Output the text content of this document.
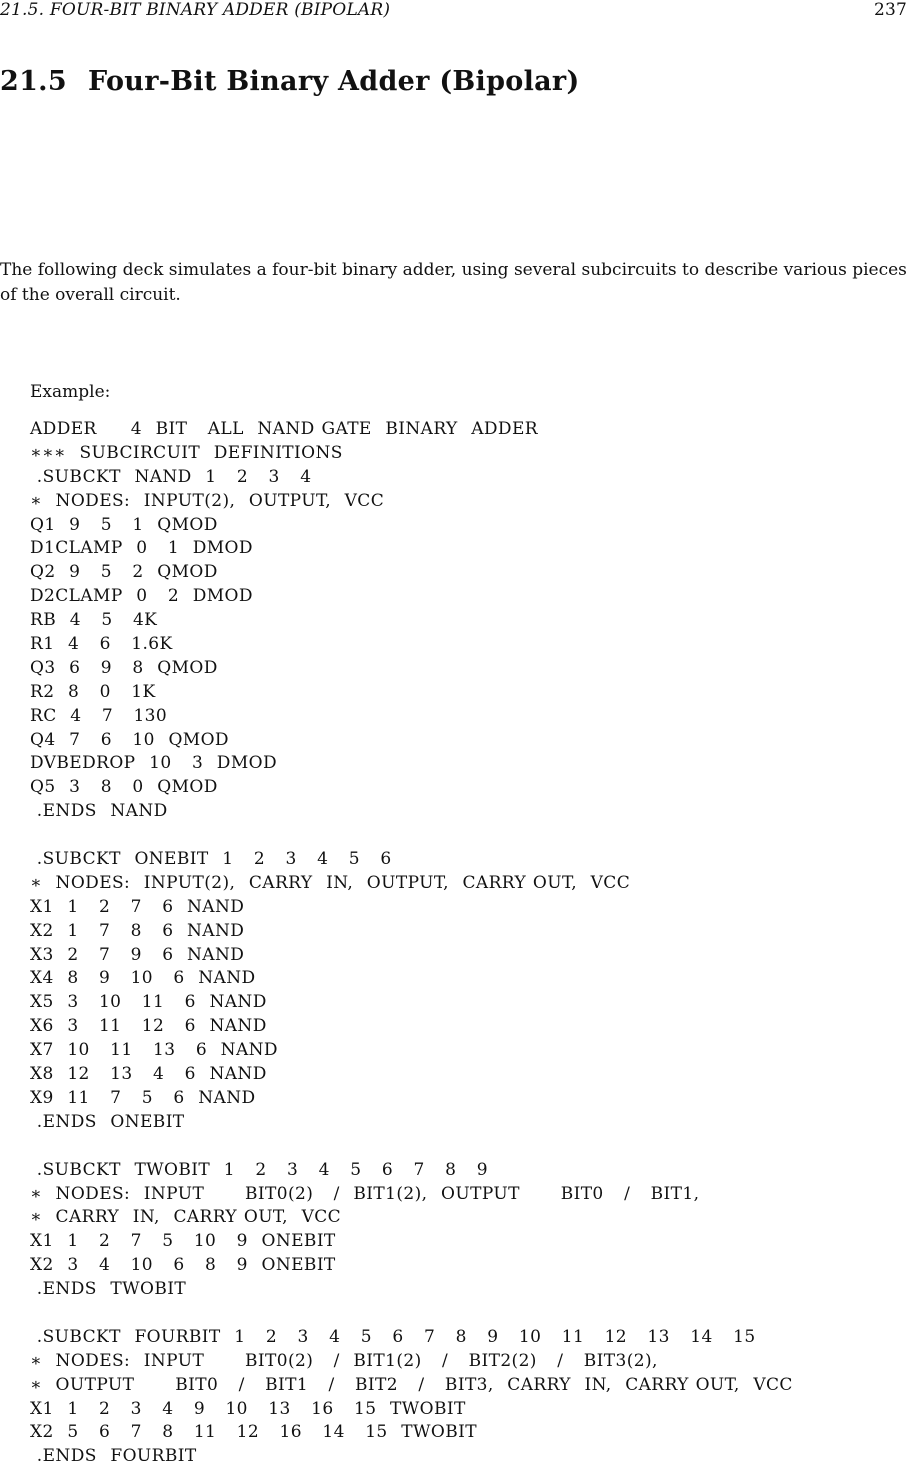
21.5. FOUR-BIT BINARY ADDER (BIPOLAR)	237
21.5 Four-Bit Binary Adder (Bipolar)

The following deck simulates a four-bit binary adder, using several subcircuits to describe various pieces of the overall circuit.

Example:
ADDER     4  BIT   ALL  NAND GATE  BINARY  ADDER
∗∗∗  SUBCIRCUIT  DEFINITIONS
.SUBCKT  NAND  1   2   3   4
∗  NODES:  INPUT(2),  OUTPUT,  VCC
Q1  9   5   1  QMOD
D1CLAMP  0   1  DMOD
Q2  9   5   2  QMOD
D2CLAMP  0   2  DMOD
RB  4   5   4K
R1  4   6   1.6K
Q3  6   9   8  QMOD
R2  8   0   1K
RC  4   7   130
Q4  7   6   10  QMOD
DVBEDROP  10   3  DMOD
Q5  3   8   0  QMOD
.ENDS  NAND
.SUBCKT  ONEBIT  1   2   3   4   5   6
∗  NODES:  INPUT(2),  CARRY  IN,  OUTPUT,  CARRY OUT,  VCC
X1  1   2   7   6  NAND
X2  1   7   8   6  NAND
X3  2   7   9   6  NAND
X4  8   9   10   6  NAND
X5  3   10   11   6  NAND
X6  3   11   12   6  NAND
X7  10   11   13   6  NAND
X8  12   13   4   6  NAND
X9  11   7   5   6  NAND
.ENDS  ONEBIT
.SUBCKT  TWOBIT  1   2   3   4   5   6   7   8   9
∗  NODES:  INPUT      BIT0(2)   /  BIT1(2),  OUTPUT      BIT0   /   BIT1,
∗  CARRY  IN,  CARRY OUT,  VCC
X1  1   2   7   5   10   9  ONEBIT
X2  3   4   10   6   8   9  ONEBIT
.ENDS  TWOBIT
.SUBCKT  FOURBIT  1   2   3   4   5   6   7   8   9   10   11   12   13   14   15
∗  NODES:  INPUT      BIT0(2)   /  BIT1(2)   /   BIT2(2)   /   BIT3(2),
∗  OUTPUT      BIT0   /   BIT1   /   BIT2   /   BIT3,  CARRY  IN,  CARRY OUT,  VCC
X1  1   2   3   4   9   10   13   16   15  TWOBIT
X2  5   6   7   8   11   12   16   14   15  TWOBIT
.ENDS  FOURBIT
